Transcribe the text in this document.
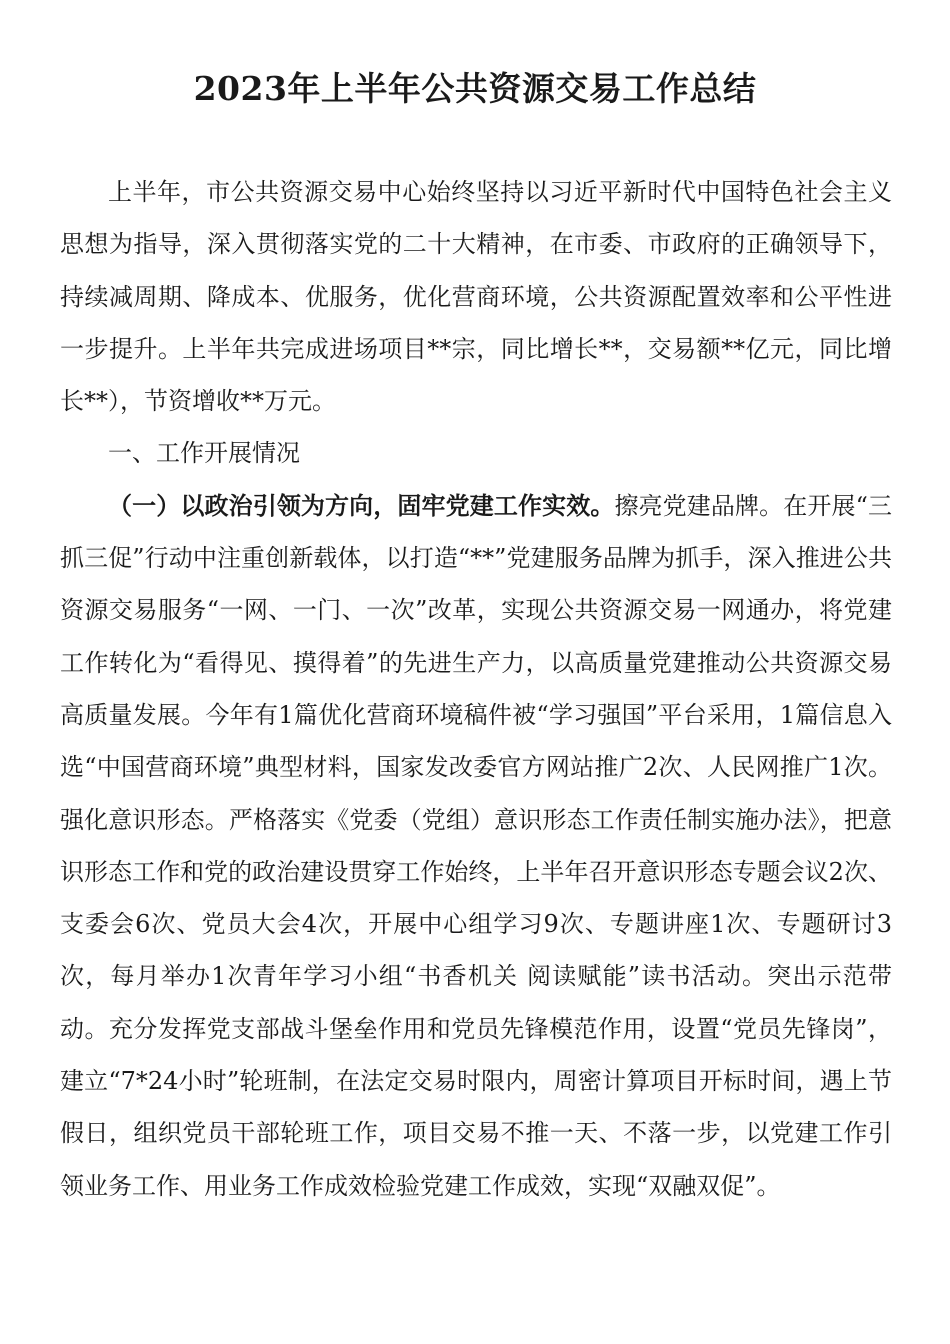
2023年上半年公共资源交易工作总结

上半年，市公共资源交易中心始终坚持以习近平新时代中国特色社会主义思想为指导，深入贯彻落实党的二十大精神，在市委、市政府的正确领导下，持续减周期、降成本、优服务，优化营商环境，公共资源配置效率和公平性进一步提升。上半年共完成进场项目**宗，同比增长**，交易额**亿元，同比增长**），节资增收**万元。

一、工作开展情况

（一）以政治引领为方向，固牢党建工作实效。擦亮党建品牌。在开展“三抓三促”行动中注重创新载体，以打造“**”党建服务品牌为抓手，深入推进公共资源交易服务“一网、一门、一次”改革，实现公共资源交易一网通办，将党建工作转化为“看得见、摸得着”的先进生产力，以高质量党建推动公共资源交易高质量发展。今年有1篇优化营商环境稿件被“学习强国”平台采用，1篇信息入选“中国营商环境”典型材料，国家发改委官方网站推广2次、人民网推广1次。强化意识形态。严格落实《党委（党组）意识形态工作责任制实施办法》，把意识形态工作和党的政治建设贯穿工作始终，上半年召开意识形态专题会议2次、支委会6次、党员大会4次，开展中心组学习9次、专题讲座1次、专题研讨3次，每月举办1次青年学习小组“书香机关 阅读赋能”读书活动。突出示范带动。充分发挥党支部战斗堡垒作用和党员先锋模范作用，设置“党员先锋岗”，建立“7*24小时”轮班制，在法定交易时限内，周密计算项目开标时间，遇上节假日，组织党员干部轮班工作，项目交易不推一天、不落一步，以党建工作引领业务工作、用业务工作成效检验党建工作成效，实现“双融双促”。
